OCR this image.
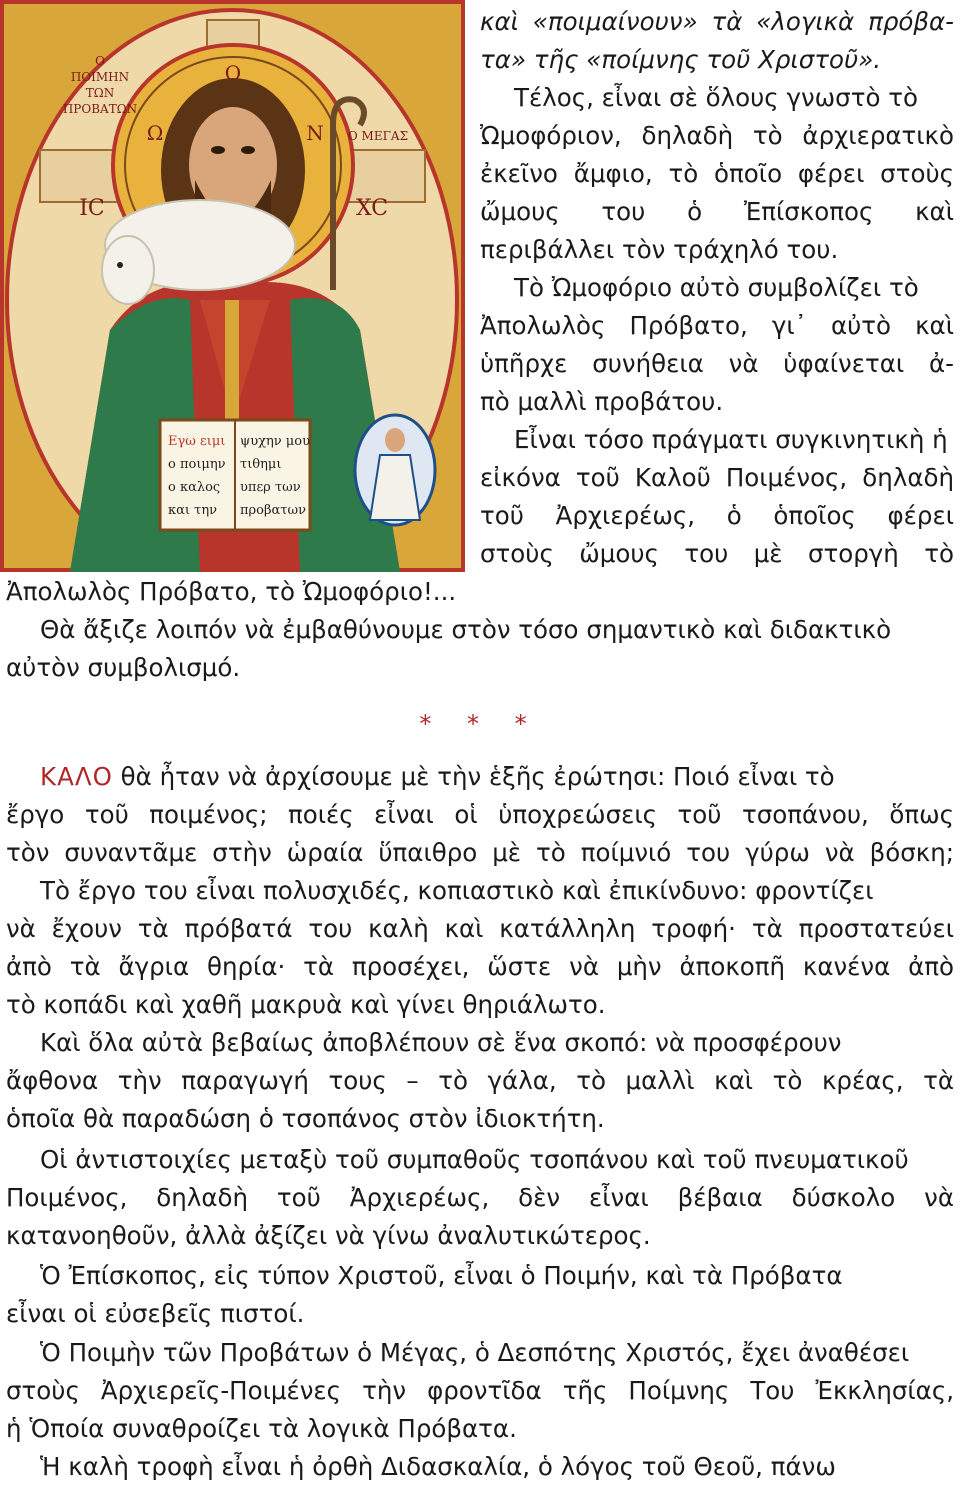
Εγω ειμι
ο ποιμην
ο καλος
και την
ψυχην μου
τιθημι
υπερ των
προβατων
Ο
Ω	Ν
IC	XC
Ο ΠΟΙΜΗΝ ΤΩΝ ΠΡΟΒΑΤΩΝ
Ο ΜΕΓΑΣ
καὶ «ποιμαίνουν» τὰ «λογικὰ πρόβα-
τα» τῆς «ποίμνης τοῦ Χριστοῦ».
Τέλος, εἶναι σὲ ὅλους γνωστὸ τὸ
Ὠμοφόριον, δηλαδὴ τὸ ἀρχιερατικὸ
ἐκεῖνο ἄμφιο, τὸ ὁποῖο φέρει στοὺς
ὤμους του ὁ Ἐπίσκοπος καὶ
περιβάλλει τὸν τράχηλό του.
Τὸ Ὠμοφόριο αὐτὸ συμβολίζει τὸ
Ἀπολωλὸς Πρόβατο, γι᾽ αὐτὸ καὶ
ὑπῆρχε συνήθεια νὰ ὑφαίνεται ἀ-
πὸ μαλλὶ προβάτου.
Εἶναι τόσο πράγματι συγκινητικὴ ἡ
εἰκόνα τοῦ Καλοῦ Ποιμένος, δηλαδὴ
τοῦ Ἀρχιερέως, ὁ ὁποῖος φέρει
στοὺς ὤμους του μὲ στοργὴ τὸ
Ἀπολωλὸς Πρόβατο, τὸ Ὠμοφόριο!...
Θὰ ἄξιζε λοιπόν νὰ ἐμβαθύνουμε στὸν τόσο σημαντικὸ καὶ διδακτικὸ
αὐτὸν συμβολισμό.
* * *
ΚΑΛΟ θὰ ἦταν νὰ ἀρχίσουμε μὲ τὴν ἑξῆς ἐρώτησι: Ποιό εἶναι τὸ
ἔργο τοῦ ποιμένος; ποιές εἶναι οἱ ὑποχρεώσεις τοῦ τσοπάνου, ὅπως
τὸν συναντᾶμε στὴν ὡραία ὕπαιθρο μὲ τὸ ποίμνιό του γύρω νὰ βόσκη;
Τὸ ἔργο του εἶναι πολυσχιδές, κοπιαστικὸ καὶ ἐπικίνδυνο: φροντίζει
νὰ ἔχουν τὰ πρόβατά του καλὴ καὶ κατάλληλη τροφή· τὰ προστατεύει
ἀπὸ τὰ ἄγρια θηρία· τὰ προσέχει, ὥστε νὰ μὴν ἀποκοπῆ κανένα ἀπὸ
τὸ κοπάδι καὶ χαθῆ μακρυὰ καὶ γίνει θηριάλωτο.
Καὶ ὅλα αὐτὰ βεβαίως ἀποβλέπουν σὲ ἕνα σκοπό: νὰ προσφέρουν
ἄφθονα τὴν παραγωγή τους – τὸ γάλα, τὸ μαλλὶ καὶ τὸ κρέας, τὰ
ὁποῖα θὰ παραδώση ὁ τσοπάνος στὸν ἰδιοκτήτη.
Οἱ ἀντιστοιχίες μεταξὺ τοῦ συμπαθοῦς τσοπάνου καὶ τοῦ πνευματικοῦ
Ποιμένος, δηλαδὴ τοῦ Ἀρχιερέως, δὲν εἶναι βέβαια δύσκολο νὰ
κατανοηθοῦν, ἀλλὰ ἀξίζει νὰ γίνω ἀναλυτικώτερος.
Ὁ Ἐπίσκοπος, εἰς τύπον Χριστοῦ, εἶναι ὁ Ποιμήν, καὶ τὰ Πρόβατα
εἶναι οἱ εὐσεβεῖς πιστοί.
Ὁ Ποιμὴν τῶν Προβάτων ὁ Μέγας, ὁ Δεσπότης Χριστός, ἔχει ἀναθέσει
στοὺς Ἀρχιερεῖς-Ποιμένες τὴν φροντῖδα τῆς Ποίμνης Του Ἐκκλησίας,
ἡ Ὁποία συναθροίζει τὰ λογικὰ Πρόβατα.
Ἡ καλὴ τροφὴ εἶναι ἡ ὀρθὴ Διδασκαλία, ὁ λόγος τοῦ Θεοῦ, πάνω
